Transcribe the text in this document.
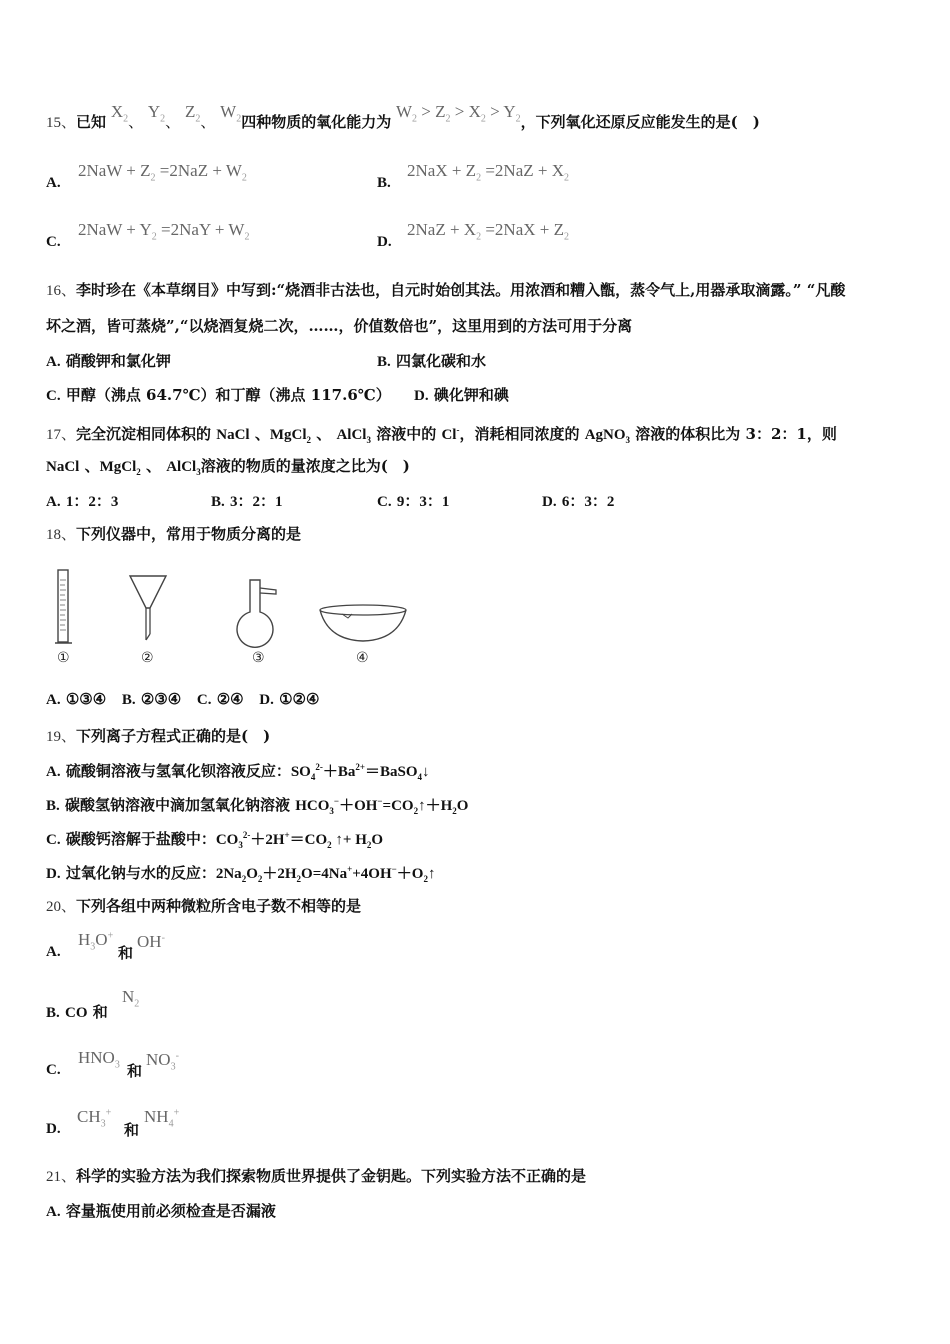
15、已知 $X_2$、 $Y_2$、 $Z_2$、 $W_2$四种物质的氧化能力为 $W_2 > Z_2 > X_2 > Y_2$，下列氧化还原反应能发生的是(　)
A.
$2NaW + Z_2 =2NaZ + W_2$	B.
$2NaX + Z_2 =2NaZ + X_2$
C.
$2NaW + Y_2 =2NaY + W_2$	D.
$2NaZ + X_2 =2NaX + Z_2$
16、李时珍在《本草纲目》中写到:“烧酒非古法也，自元时始创其法。用浓酒和糟入甑，蒸令气上,用器承取滴露。” “凡酸
坏之酒，皆可蒸烧”,“以烧酒复烧二次，……，价值数倍也”，这里用到的方法可用于分离
A. 硝酸钾和氯化钾	B. 四氯化碳和水
C. 甲醇（沸点 64.7℃）和丁醇（沸点 117.6℃） D. 碘化钾和碘
17、完全沉淀相同体积的 NaCl 、MgCl$_2$ 、 AlCl$_3$ 溶液中的 Cl-，消耗相同浓度的 AgNO$_3$ 溶液的体积比为 3：2：1，则
NaCl 、MgCl$_2$ 、 AlCl$_3$溶液的物质的量浓度之比为(　)
A. 1：2：3	B. 3：2：1	C. 9：3：1	D. 6：3：2
18、下列仪器中，常用于物质分离的是
①	②	③	④
A. ①③④ B. ②③④ C. ②④ D. ①②④
19、下列离子方程式正确的是(　)
A. 硫酸铜溶液与氢氧化钡溶液反应：$SO_4^{2-}+Ba^{2+}=BaSO_4↓$
B. 碳酸氢钠溶液中滴加氢氧化钠溶液 $HCO_3^-+OH^-=CO_2↑+H_2O$
C. 碳酸钙溶解于盐酸中：$CO_3^{2-}+2H^+=CO_2$ ↑+ $H_2O$
D. 过氧化钠与水的反应：$2Na_2O_2+2H_2O=4Na^++4OH^-+O_2↑$
20、下列各组中两种微粒所含电子数不相等的是
A.
$H_3O^+$
和
OH-
B. CO 和
$N_2$
C.
$HNO_3$ 和
$NO_3^-$
D.
$CH_3^+$
和
$NH_4^+$
21、科学的实验方法为我们探索物质世界提供了金钥匙。下列实验方法不正确的是
A. 容量瓶使用前必须检查是否漏液
